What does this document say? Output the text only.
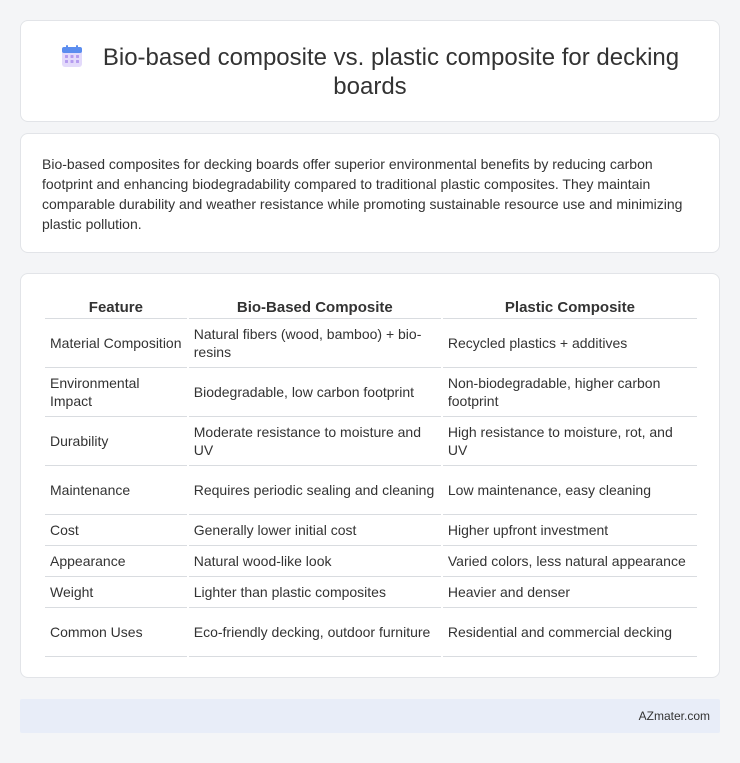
Bio-based composite vs. plastic composite for decking boards

Bio-based composites for decking boards offer superior environmental benefits by reducing carbon footprint and enhancing biodegradability compared to traditional plastic composites. They maintain comparable durability and weather resistance while promoting sustainable resource use and minimizing plastic pollution.

Feature	Bio-Based Composite	Plastic Composite
Material Composition	Natural fibers (wood, bamboo) + bio-resins	Recycled plastics + additives
Environmental Impact	Biodegradable, low carbon footprint	Non-biodegradable, higher carbon footprint
Durability	Moderate resistance to moisture and UV	High resistance to moisture, rot, and UV
Maintenance	Requires periodic sealing and cleaning	Low maintenance, easy cleaning
Cost	Generally lower initial cost	Higher upfront investment
Appearance	Natural wood-like look	Varied colors, less natural appearance
Weight	Lighter than plastic composites	Heavier and denser
Common Uses	Eco-friendly decking, outdoor furniture	Residential and commercial decking
AZmater.com
